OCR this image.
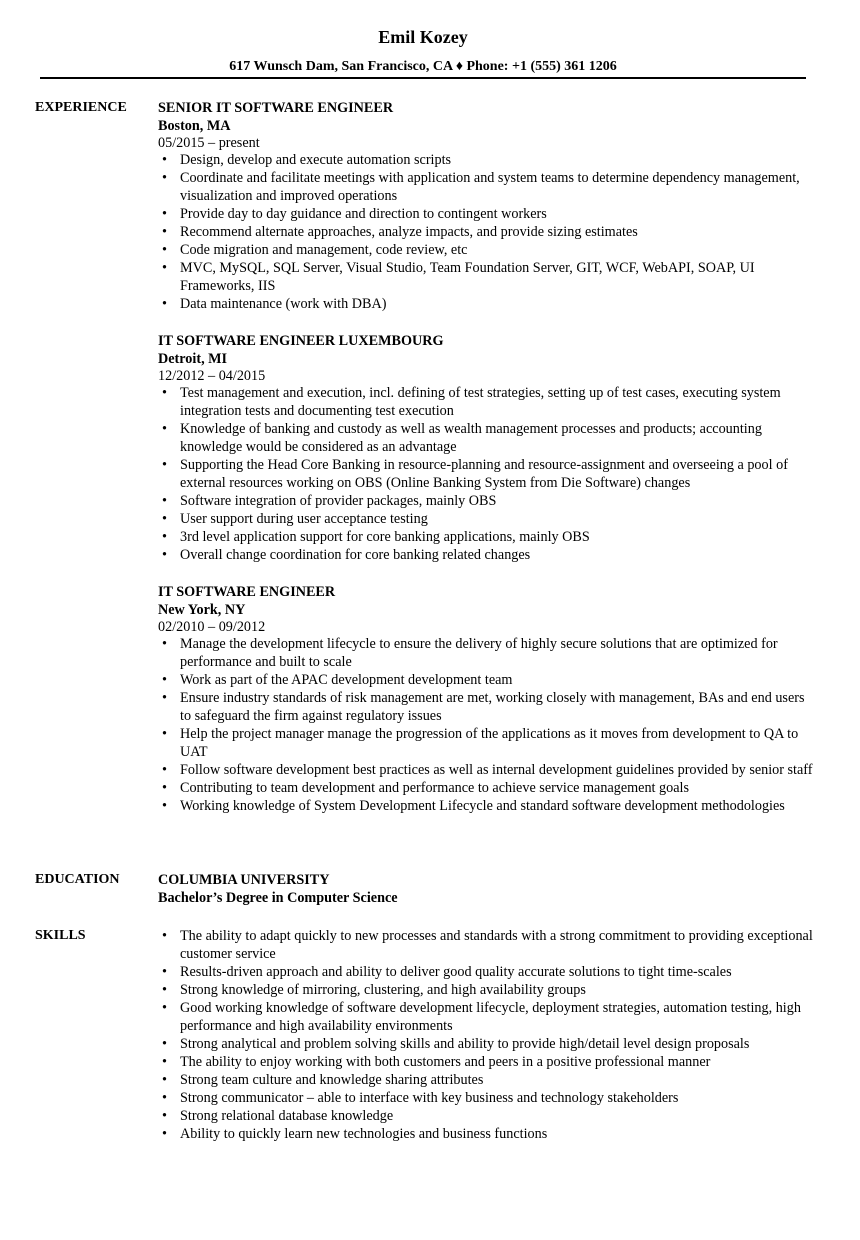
Emil Kozey
617 Wunsch Dam, San Francisco, CA ♦ Phone: +1 (555) 361 1206
EXPERIENCE SENIOR IT SOFTWARE ENGINEER
Boston, MA
05/2015 – present
• Design, develop and execute automation scripts
• Coordinate and facilitate meetings with application and system teams to determine dependency management, visualization and improved operations
• Provide day to day guidance and direction to contingent workers
• Recommend alternate approaches, analyze impacts, and provide sizing estimates
• Code migration and management, code review, etc
• MVC, MySQL, SQL Server, Visual Studio, Team Foundation Server, GIT, WCF, WebAPI, SOAP, UI Frameworks, IIS
• Data maintenance (work with DBA)
IT SOFTWARE ENGINEER LUXEMBOURG
Detroit, MI
12/2012 – 04/2015
• Test management and execution, incl. defining of test strategies, setting up of test cases, executing system integration tests and documenting test execution
• Knowledge of banking and custody as well as wealth management processes and products; accounting knowledge would be considered as an advantage
• Supporting the Head Core Banking in resource-planning and resource-assignment and overseeing a pool of external resources working on OBS (Online Banking System from Die Software) changes
• Software integration of provider packages, mainly OBS
• User support during user acceptance testing
• 3rd level application support for core banking applications, mainly OBS
• Overall change coordination for core banking related changes
IT SOFTWARE ENGINEER
New York, NY
02/2010 – 09/2012
• Manage the development lifecycle to ensure the delivery of highly secure solutions that are optimized for performance and built to scale
• Work as part of the APAC development development team
• Ensure industry standards of risk management are met, working closely with management, BAs and end users to safeguard the firm against regulatory issues
• Help the project manager manage the progression of the applications as it moves from development to QA to UAT
• Follow software development best practices as well as internal development guidelines provided by senior staff
• Contributing to team development and performance to achieve service management goals
• Working knowledge of System Development Lifecycle and standard software development methodologies
EDUCATION	COLUMBIA UNIVERSITY
Bachelor’s Degree in Computer Science
SKILLS
•	The ability to adapt quickly to new processes and standards with a strong commitment to providing exceptional customer service
• Results-driven approach and ability to deliver good quality accurate solutions to tight time-scales
• Strong knowledge of mirroring, clustering, and high availability groups
• Good working knowledge of software development lifecycle, deployment strategies, automation testing, high performance and high availability environments
• Strong analytical and problem solving skills and ability to provide high/detail level design proposals
• The ability to enjoy working with both customers and peers in a positive professional manner
• Strong team culture and knowledge sharing attributes
• Strong communicator – able to interface with key business and technology stakeholders
• Strong relational database knowledge
• Ability to quickly learn new technologies and business functions
